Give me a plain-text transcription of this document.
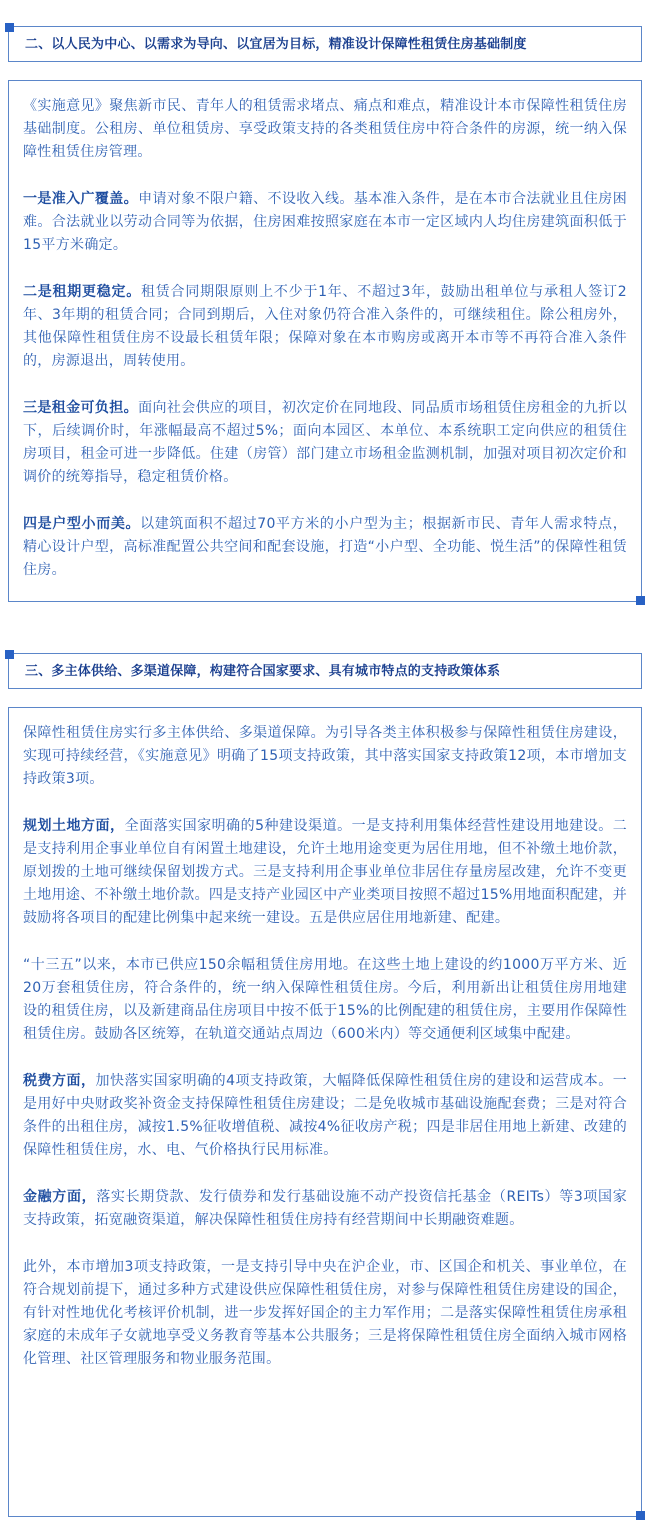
二、以人民为中心、以需求为导向、以宜居为目标，精准设计保障性租赁住房基础制度

《实施意见》聚焦新市民、青年人的租赁需求堵点、痛点和难点，精准设计本市保障性租赁住房基础制度。公租房、单位租赁房、享受政策支持的各类租赁住房中符合条件的房源，统一纳入保障性租赁住房管理。

一是准入广覆盖。申请对象不限户籍、不设收入线。基本准入条件，是在本市合法就业且住房困难。合法就业以劳动合同等为依据，住房困难按照家庭在本市一定区域内人均住房建筑面积低于15平方米确定。

二是租期更稳定。租赁合同期限原则上不少于1年、不超过3年，鼓励出租单位与承租人签订2年、3年期的租赁合同；合同到期后，入住对象仍符合准入条件的，可继续租住。除公租房外，其他保障性租赁住房不设最长租赁年限；保障对象在本市购房或离开本市等不再符合准入条件的，房源退出，周转使用。

三是租金可负担。面向社会供应的项目，初次定价在同地段、同品质市场租赁住房租金的九折以下，后续调价时，年涨幅最高不超过5%；面向本园区、本单位、本系统职工定向供应的租赁住房项目，租金可进一步降低。住建（房管）部门建立市场租金监测机制，加强对项目初次定价和调价的统筹指导，稳定租赁价格。

四是户型小而美。以建筑面积不超过70平方米的小户型为主；根据新市民、青年人需求特点，精心设计户型，高标准配置公共空间和配套设施，打造“小户型、全功能、悦生活”的保障性租赁住房。

三、多主体供给、多渠道保障，构建符合国家要求、具有城市特点的支持政策体系

保障性租赁住房实行多主体供给、多渠道保障。为引导各类主体积极参与保障性租赁住房建设，实现可持续经营，《实施意见》明确了15项支持政策，其中落实国家支持政策12项，本市增加支持政策3项。

规划土地方面，全面落实国家明确的5种建设渠道。一是支持利用集体经营性建设用地建设。二是支持利用企事业单位自有闲置土地建设，允许土地用途变更为居住用地，但不补缴土地价款，原划拨的土地可继续保留划拨方式。三是支持利用企事业单位非居住存量房屋改建，允许不变更土地用途、不补缴土地价款。四是支持产业园区中产业类项目按照不超过15%用地面积配建，并鼓励将各项目的配建比例集中起来统一建设。五是供应居住用地新建、配建。

“十三五”以来，本市已供应150余幅租赁住房用地。在这些土地上建设的约1000万平方米、近20万套租赁住房，符合条件的，统一纳入保障性租赁住房。今后，利用新出让租赁住房用地建设的租赁住房，以及新建商品住房项目中按不低于15%的比例配建的租赁住房，主要用作保障性租赁住房。鼓励各区统筹，在轨道交通站点周边（600米内）等交通便利区域集中配建。

税费方面，加快落实国家明确的4项支持政策，大幅降低保障性租赁住房的建设和运营成本。一是用好中央财政奖补资金支持保障性租赁住房建设；二是免收城市基础设施配套费；三是对符合条件的出租住房，减按1.5%征收增值税、减按4%征收房产税；四是非居住用地上新建、改建的保障性租赁住房，水、电、气价格执行民用标准。

金融方面，落实长期贷款、发行债券和发行基础设施不动产投资信托基金（REITs）等3项国家支持政策，拓宽融资渠道，解决保障性租赁住房持有经营期间中长期融资难题。

此外，本市增加3项支持政策，一是支持引导中央在沪企业，市、区国企和机关、事业单位，在符合规划前提下，通过多种方式建设供应保障性租赁住房，对参与保障性租赁住房建设的国企，有针对性地优化考核评价机制，进一步发挥好国企的主力军作用；二是落实保障性租赁住房承租家庭的未成年子女就地享受义务教育等基本公共服务；三是将保障性租赁住房全面纳入城市网格化管理、社区管理服务和物业服务范围。
